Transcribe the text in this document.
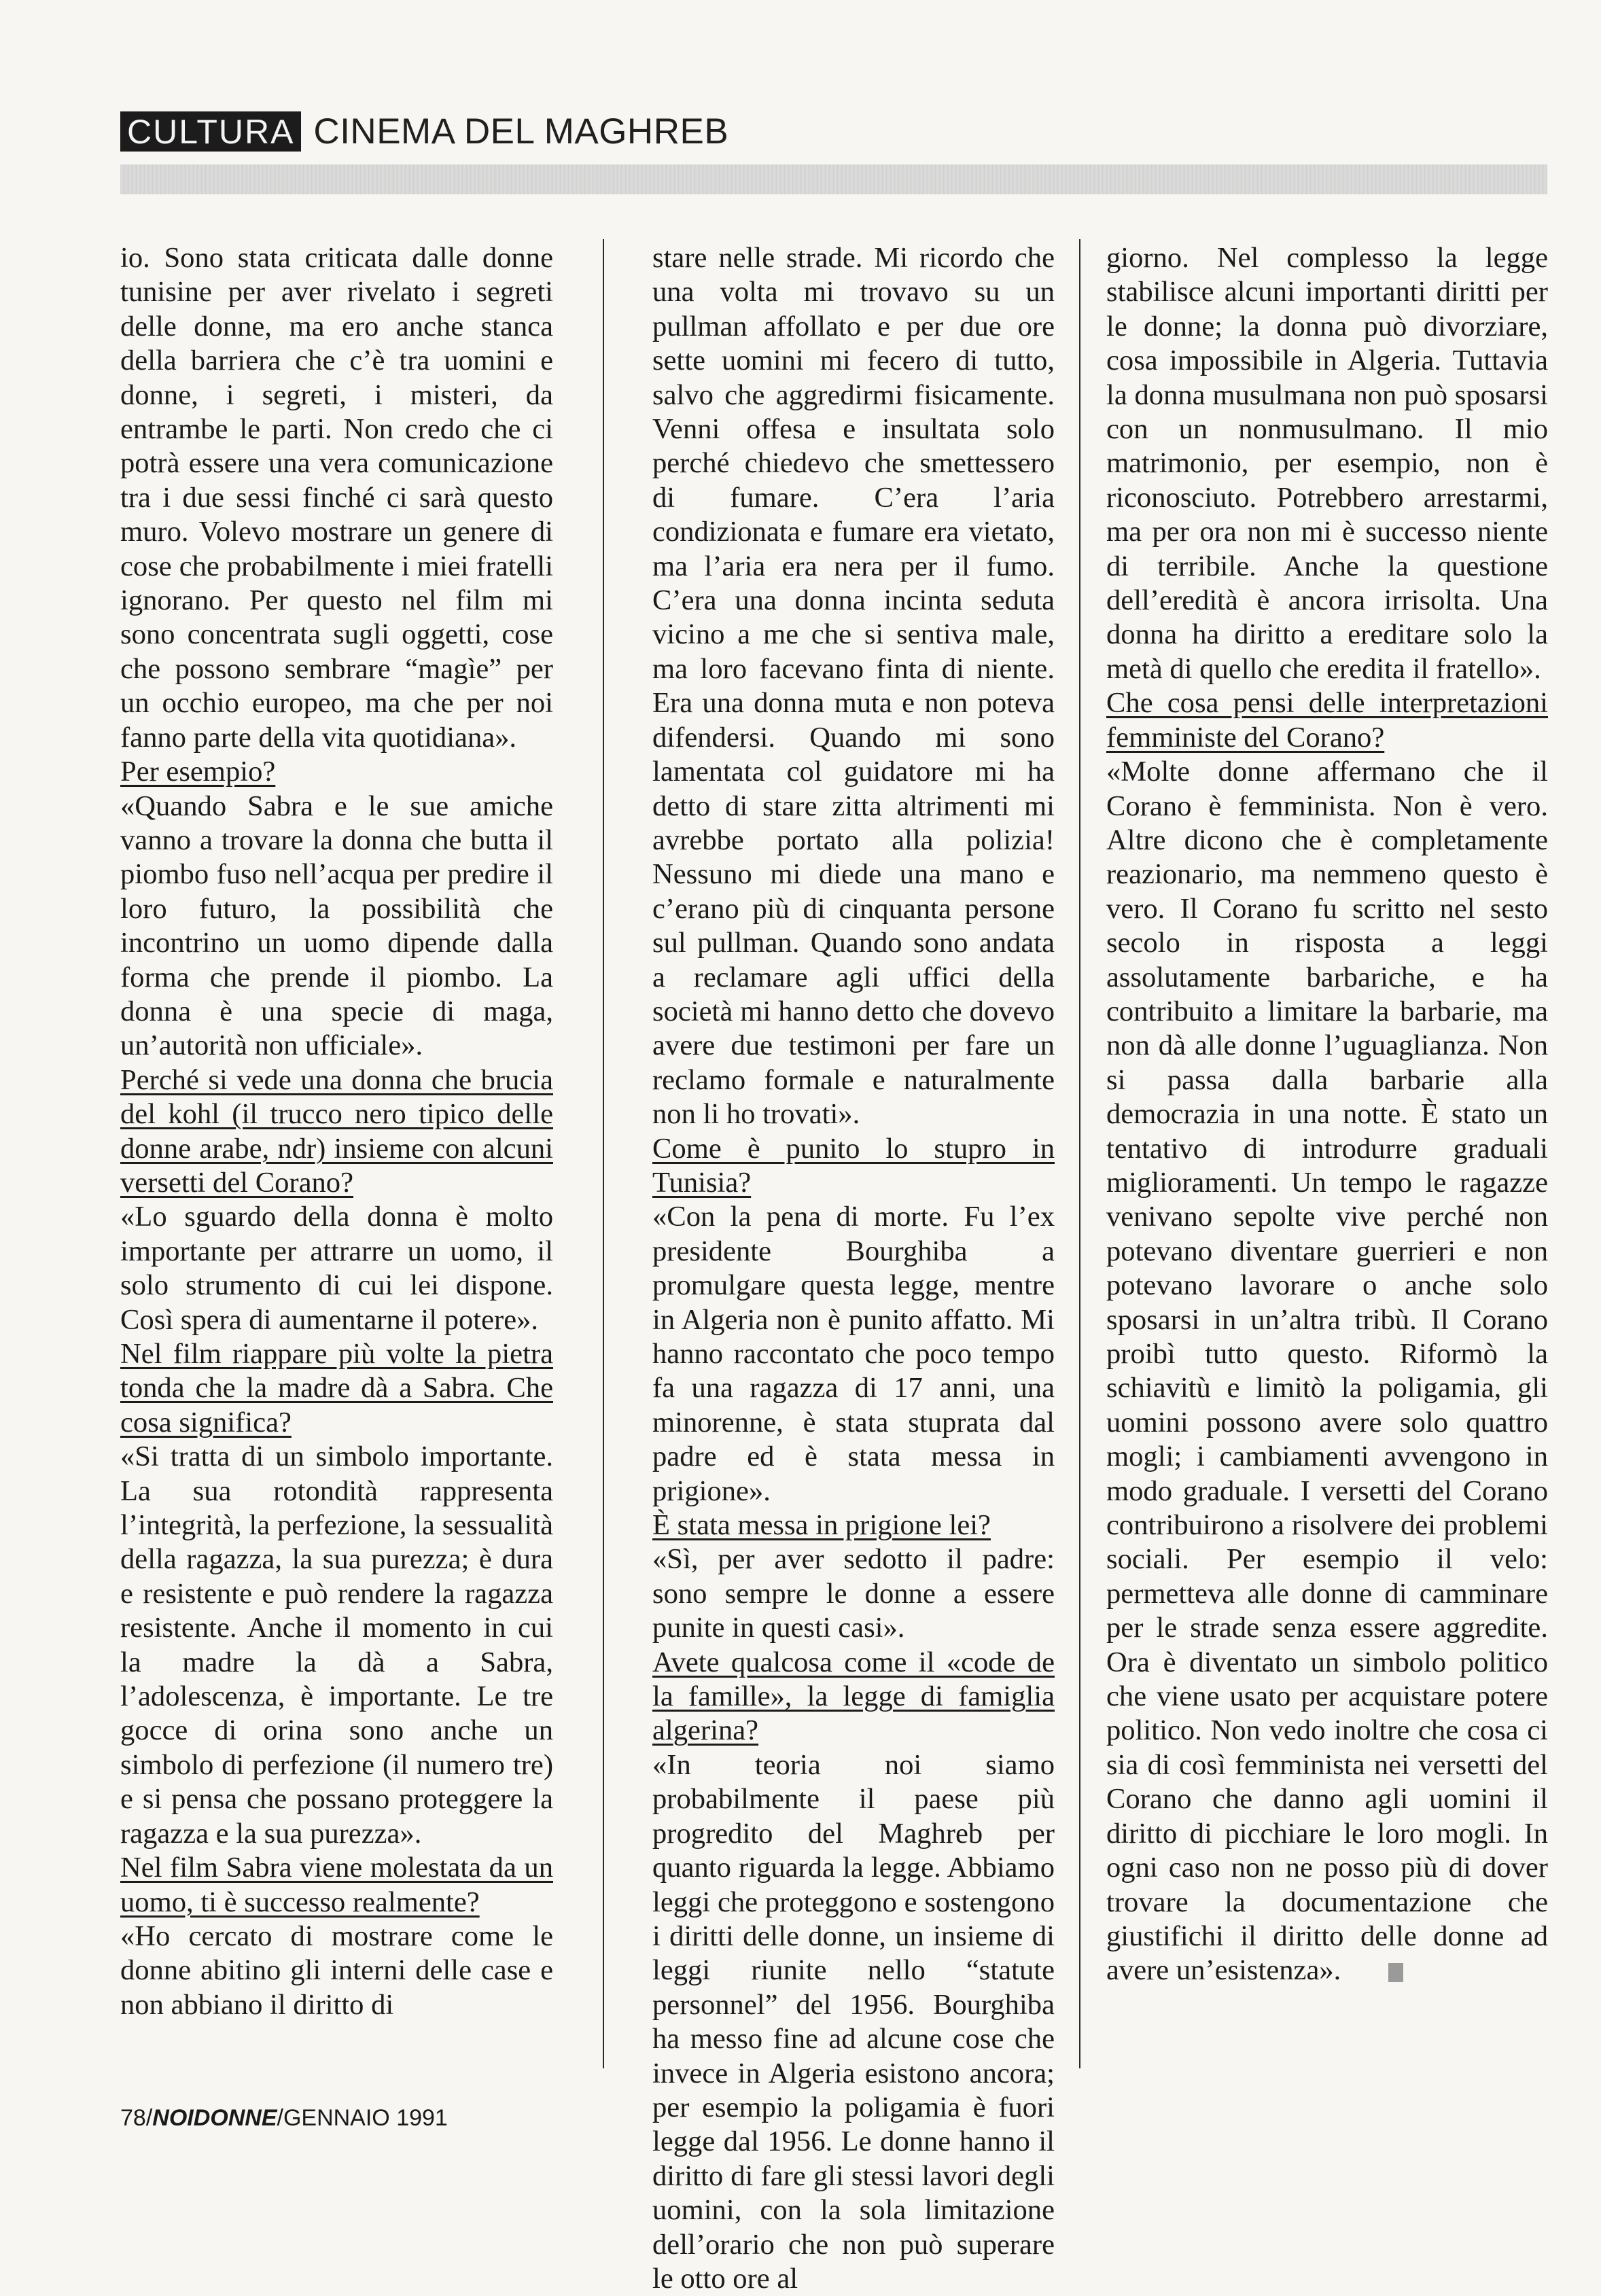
CULTURA CINEMA DEL MAGHREB

io. Sono stata criticata dalle donne tunisine per aver rivelato i segreti delle donne, ma ero anche stanca della barriera che c’è tra uomini e donne, i segreti, i misteri, da entrambe le parti. Non credo che ci potrà essere una vera comunicazione tra i due sessi finché ci sarà questo muro. Volevo mostrare un genere di cose che probabilmente i miei fratelli ignorano. Per questo nel film mi sono concentrata sugli oggetti, cose che possono sembrare “magìe” per un occhio europeo, ma che per noi fanno parte della vita quotidiana».

Per esempio?

«Quando Sabra e le sue amiche vanno a trovare la donna che butta il piombo fuso nell’acqua per predire il loro futuro, la possibilità che incontrino un uomo dipende dalla forma che prende il piombo. La donna è una specie di maga, un’autorità non ufficiale».

Perché si vede una donna che brucia del kohl (il trucco nero tipico delle donne arabe, ndr) insieme con alcuni versetti del Corano?

«Lo sguardo della donna è molto importante per attrarre un uomo, il solo strumento di cui lei dispone. Così spera di aumentarne il potere».

Nel film riappare più volte la pietra tonda che la madre dà a Sabra. Che cosa significa?

«Si tratta di un simbolo importante. La sua rotondità rappresenta l’integrità, la perfezione, la sessualità della ragazza, la sua purezza; è dura e resistente e può rendere la ragazza resistente. Anche il momento in cui la madre la dà a Sabra, l’adolescenza, è importante. Le tre gocce di orina sono anche un simbolo di perfezione (il numero tre) e si pensa che possano proteggere la ragazza e la sua purezza».

Nel film Sabra viene molestata da un uomo, ti è successo realmente?

«Ho cercato di mostrare come le donne abitino gli interni delle case e non abbiano il diritto di

stare nelle strade. Mi ricordo che una volta mi trovavo su un pullman affollato e per due ore sette uomini mi fecero di tutto, salvo che aggredirmi fisicamente. Venni offesa e insultata solo perché chiedevo che smettessero di fumare. C’era l’aria condizionata e fumare era vietato, ma l’aria era nera per il fumo. C’era una donna incinta seduta vicino a me che si sentiva male, ma loro facevano finta di niente. Era una donna muta e non poteva difendersi. Quando mi sono lamentata col guidatore mi ha detto di stare zitta altrimenti mi avrebbe portato alla polizia! Nessuno mi diede una mano e c’erano più di cinquanta persone sul pullman. Quando sono andata a reclamare agli uffici della società mi hanno detto che dovevo avere due testimoni per fare un reclamo formale e naturalmente non li ho trovati».

Come è punito lo stupro in Tunisia?

«Con la pena di morte. Fu l’ex presidente Bourghiba a promulgare questa legge, mentre in Algeria non è punito affatto. Mi hanno raccontato che poco tempo fa una ragazza di 17 anni, una minorenne, è stata stuprata dal padre ed è stata messa in prigione».

È stata messa in prigione lei?

«Sì, per aver sedotto il padre: sono sempre le donne a essere punite in questi casi».

Avete qualcosa come il «code de la famille», la legge di famiglia algerina?

«In teoria noi siamo probabilmente il paese più progredito del Maghreb per quanto riguarda la legge. Abbiamo leggi che proteggono e sostengono i diritti delle donne, un insieme di leggi riunite nello “statute personnel” del 1956. Bourghiba ha messo fine ad alcune cose che invece in Algeria esistono ancora; per esempio la poligamia è fuori legge dal 1956. Le donne hanno il diritto di fare gli stessi lavori degli uomini, con la sola limitazione dell’orario che non può superare le otto ore al

giorno. Nel complesso la legge stabilisce alcuni importanti diritti per le donne; la donna può divorziare, cosa impossibile in Algeria. Tuttavia la donna musulmana non può sposarsi con un nonmusulmano. Il mio matrimonio, per esempio, non è riconosciuto. Potrebbero arrestarmi, ma per ora non mi è successo niente di terribile. Anche la questione dell’eredità è ancora irrisolta. Una donna ha diritto a ereditare solo la metà di quello che eredita il fratello».

Che cosa pensi delle interpretazioni femministe del Corano?

«Molte donne affermano che il Corano è femminista. Non è vero. Altre dicono che è completamente reazionario, ma nemmeno questo è vero. Il Corano fu scritto nel sesto secolo in risposta a leggi assolutamente barbariche, e ha contribuito a limitare la barbarie, ma non dà alle donne l’uguaglianza. Non si passa dalla barbarie alla democrazia in una notte. È stato un tentativo di introdurre graduali miglioramenti. Un tempo le ragazze venivano sepolte vive perché non potevano diventare guerrieri e non potevano lavorare o anche solo sposarsi in un’altra tribù. Il Corano proibì tutto questo. Riformò la schiavitù e limitò la poligamia, gli uomini possono avere solo quattro mogli; i cambiamenti avvengono in modo graduale. I versetti del Corano contribuirono a risolvere dei problemi sociali. Per esempio il velo: permetteva alle donne di camminare per le strade senza essere aggredite. Ora è diventato un simbolo politico che viene usato per acquistare potere politico. Non vedo inoltre che cosa ci sia di così femminista nei versetti del Corano che danno agli uomini il diritto di picchiare le loro mogli. In ogni caso non ne posso più di dover trovare la documentazione che giustifichi il diritto delle donne ad avere un’esistenza».

78/NOIDONNE/GENNAIO 1991
